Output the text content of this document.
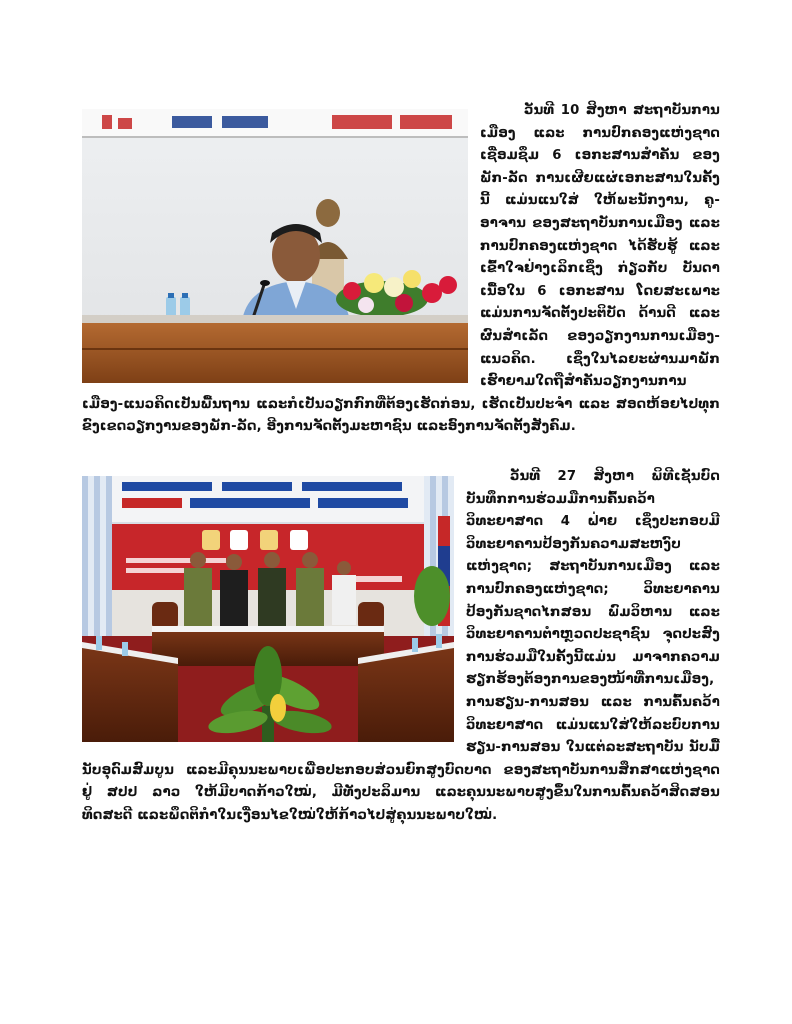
ວັນທີ 10 ສິງຫາ ສະຖາບັນການເມືອງ ແລະ ການປົກຄອງແຫ່ງຊາດ ເຊື່ອມຊຶມ 6 ເອກະສານສຳຄັນ ຂອງພັກ-ລັດ ການເຜີຍແຜ່ເອກະສານໃນຄັ້ງນີ້ ແມ່ນແນໃສ່ ໃຫ້ພະນັກງານ, ຄູ-ອາຈານ ຂອງສະຖາບັນການເມືອງ ແລະ ການປົກຄອງແຫ່ງຊາດ ໄດ້ຮັບຮູ້ ແລະ ເຂົ້າໃຈຢ່າງເລິກເຊິ່ງ ກ່ຽວກັບ ບັນດາເນື້ອໃນ 6 ເອກະສານ ໂດຍສະເພາະແມ່ນການຈັດຕັ້ງປະຕິບັດ ດ້ານດີ ແລະ ຜົນສຳເລັດ ຂອງວຽກງານການເມືອງ-ແນວຄິດ. ເຊິ່ງໃນໄລຍະຜ່ານມາພັກເຮົາຍາມໃດຖືສຳຄັນວຽກງານການເມືອງ-ແນວຄິດເປັນພື້ນຖານ ແລະກໍເປັນວຽກກົກທີ່ຕ້ອງເຮັດກ່ອນ, ເຮັດເປັນປະຈຳ ແລະ ສອດຫ້ອຍໄປທຸກຂົງເຂດວຽກງານຂອງພັກ-ລັດ, ອີງການຈັດຕັ້ງມະຫາຊົນ ແລະອົງການຈັດຕັ້ງສັງຄົມ.

ວັນທີ 27 ສິງຫາ ພິທີເຊັນບົດບັນທຶກການຮ່ວມມືການຄົ້ນຄວ້າວິທະຍາສາດ 4 ຝ່າຍ ເຊິ່ງປະກອບມີວິທະຍາຄານປ້ອງກັນຄວາມສະຫງົບແຫ່ງຊາດ; ສະຖາບັນການເມືອງ ແລະ ການປົກຄອງແຫ່ງຊາດ; ວິທະຍາຄານປ້ອງກັນຊາດໄກສອນ ພົມວິຫານ ແລະ ວິທະຍາຄານຕຳຫຼວດປະຊາຊົນ ຈຸດປະສົງການຮ່ວມມືໃນຄັ້ງນີ້ແມ່ນ ມາຈາກຄວາມຮຽກຮ້ອງຕ້ອງການຂອງໜ້າທີ່ການເມືອງ, ການຮຽນ-ການສອນ ແລະ ການຄົ້ນຄວ້າວິທະຍາສາດ ແມ່ນແນໃສ່ໃຫ້ລະບົບການຮຽນ-ການສອນ ໃນແຕ່ລະສະຖາບັນ ນັບມື້ນັບອຸດົມສົມບູນ ແລະມີຄຸນນະພາບເພື່ອປະກອບສ່ວນຍົກສູງບົດບາດ ຂອງສະຖາບັນການສຶກສາແຫ່ງຊາດ ຢູ່ ສປປ ລາວ ໃຫ້ມີບາດກ້າວໃໝ່, ມີທັງປະລິມານ ແລະຄຸນນະພາບສູງຂຶ້ນໃນການຄົ້ນຄວ້າສິດສອນທິດສະດີ ແລະພຶດຕິກຳໃນເງື່ອນໄຂໃໝ່ໃຫ້ກ້າວໄປສູ່ຄຸນນະພາບໃໝ່.
